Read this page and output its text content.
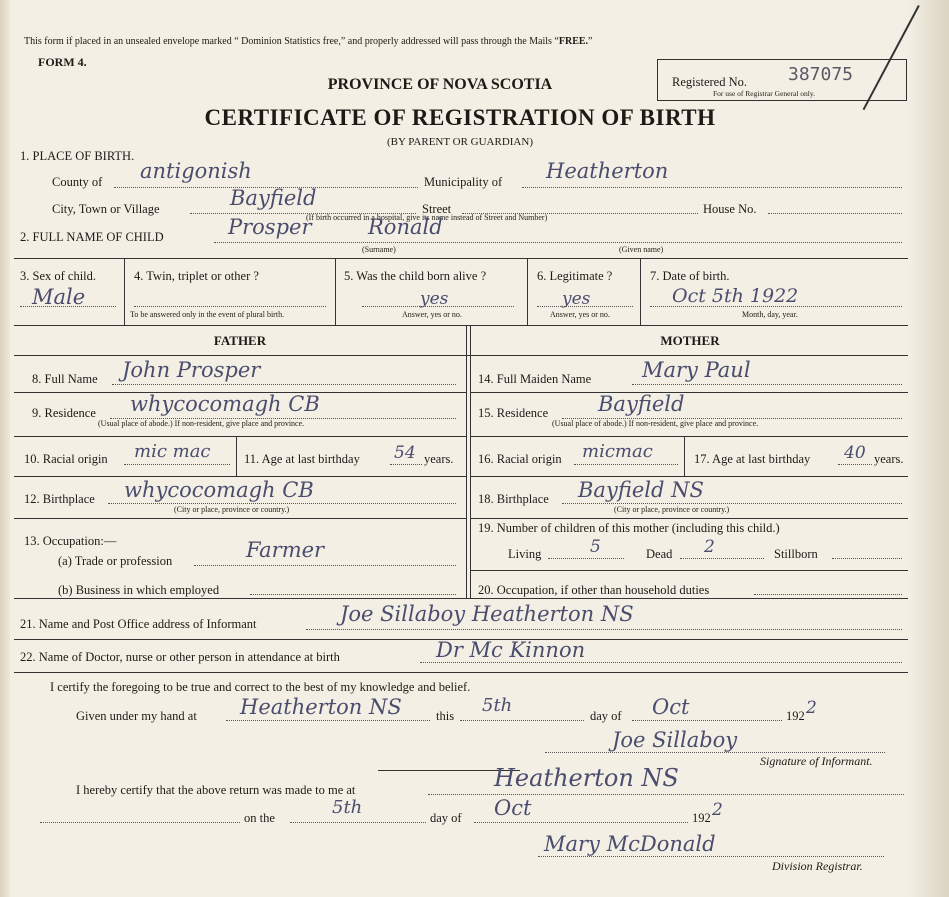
This form if placed in an unsealed envelope marked “ Dominion Statistics free,” and properly addressed will pass through the Mails “FREE.”
FORM 4.
PROVINCE OF NOVA SCOTIA
CERTIFICATE OF REGISTRATION OF BIRTH
(BY PARENT OR GUARDIAN)
Registered No. 387075
For use of Registrar General only.
1. PLACE OF BIRTH.
County of antigonish	Municipality of Heatherton
City, Town or Village	Bayfield	Street	House No.
(If birth occurred in a hospital, give its name instead of Street and Number)
2. FULL NAME OF CHILD	Prosper	Ronald
(Surname)	(Given name)
3. Sex of child.
Male
4. Twin, triplet or other ?
To be answered only in the event of plural birth.
5. Was the child born alive ?
yes
Answer, yes or no.
6. Legitimate ?
yes
Answer, yes or no.
7. Date of birth.
Oct 5th 1922
Month, day, year.
FATHER	MOTHER
8. Full Name John Prosper
9. Residence whycocomagh CB
(Usual place of abode.) If non-resident, give place and province.
10. Racial origin mic mac	11. Age at last birthday 54 years.
12. Birthplace whycocomagh CB
(City or place, province or country.)
13. Occupation:—
(a) Trade or profession	Farmer
(b) Business in which employed
14. Full Maiden Name Mary Paul
15. Residence Bayfield
(Usual place of abode.) If non-resident, give place and province.
16. Racial origin micmac	17. Age at last birthday 40 years.
18. Birthplace Bayfield NS
(City or place, province or country.)
19. Number of children of this mother (including this child.)
Living	5	Dead 2	Stillborn
20. Occupation, if other than household duties
21. Name and Post Office address of Informant	Joe Sillaboy Heatherton NS
22. Name of Doctor, nurse or other person in attendance at birth	Dr Mc Kinnon
I certify the foregoing to be true and correct to the best of my knowledge and belief.
Given under my hand at Heatherton NS	this 5th	day of Oct	192 2
Joe Sillaboy
Signature of Informant.
I hereby certify that the above return was made to me at	Heatherton NS
on the	5th	day of Oct	192 2
Mary McDonald
Division Registrar.
